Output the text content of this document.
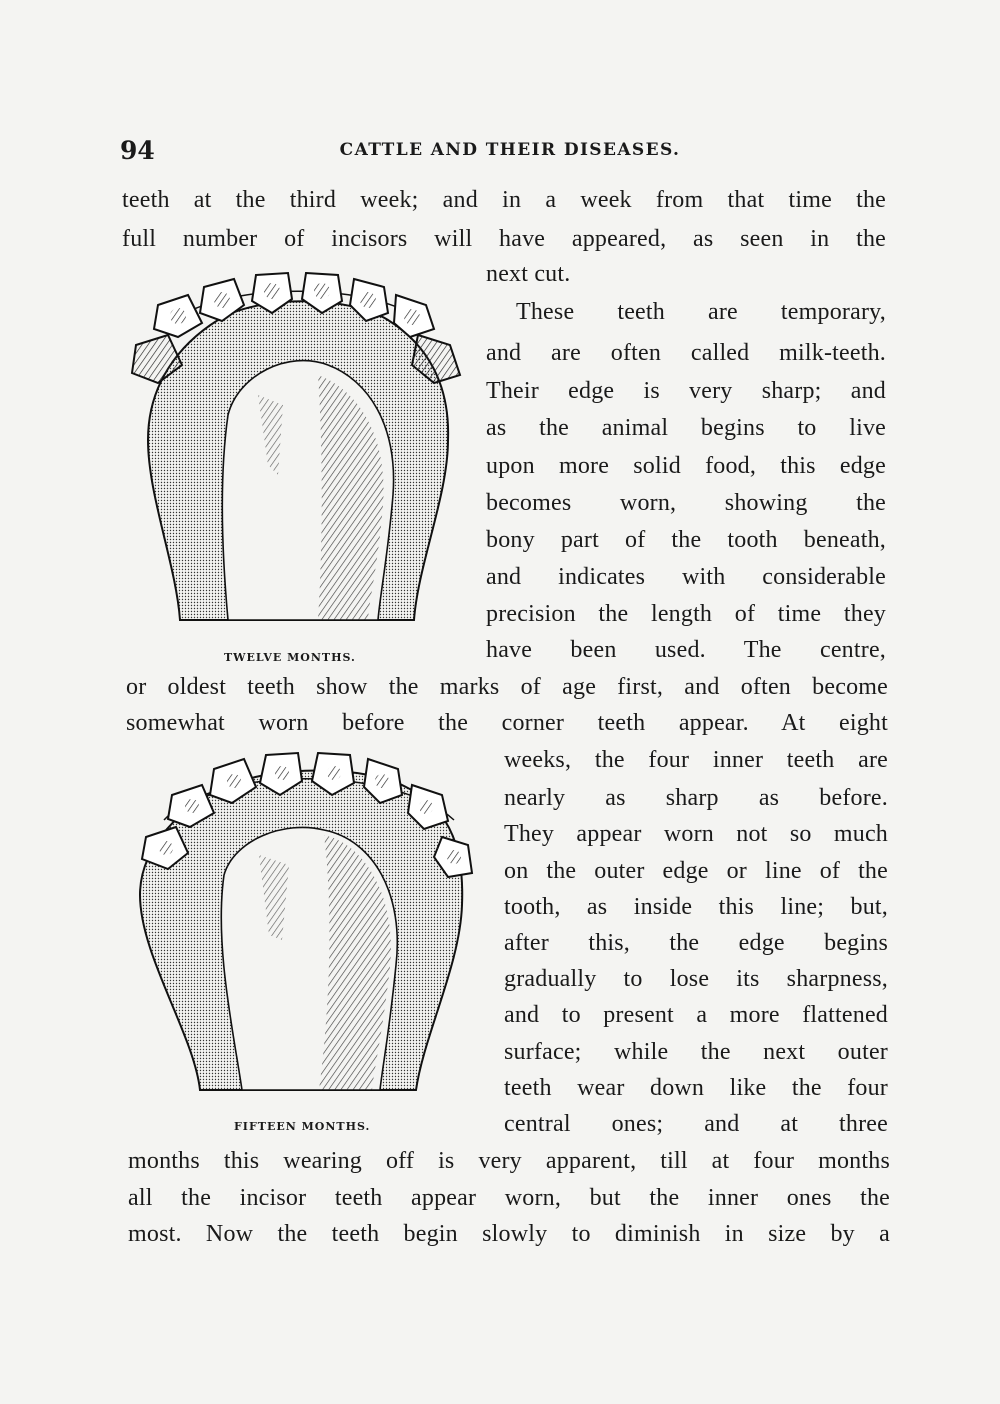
94	CATTLE AND THEIR DISEASES.

teeth at the third week; and in a week from that time the

full number of incisors will have appeared, as seen in the

next cut.

These teeth are temporary,

and are often called milk-teeth.

Their edge is very sharp; and

as the animal begins to live

upon more solid food, this edge

becomes worn, showing the

bony part of the tooth beneath,

and indicates with considerable

precision the length of time they

have been used. The centre,

or oldest teeth show the marks of age first, and often become

somewhat worn before the corner teeth appear. At eight

weeks, the four inner teeth are

nearly as sharp as before.

They appear worn not so much

on the outer edge or line of the

tooth, as inside this line; but,

after this, the edge begins

gradually to lose its sharpness,

and to present a more flattened

surface; while the next outer

teeth wear down like the four

central ones; and at three

months this wearing off is very apparent, till at four months

all the incisor teeth appear worn, but the inner ones the

most. Now the teeth begin slowly to diminish in size by a

TWELVE MONTHS.

FIFTEEN MONTHS.
